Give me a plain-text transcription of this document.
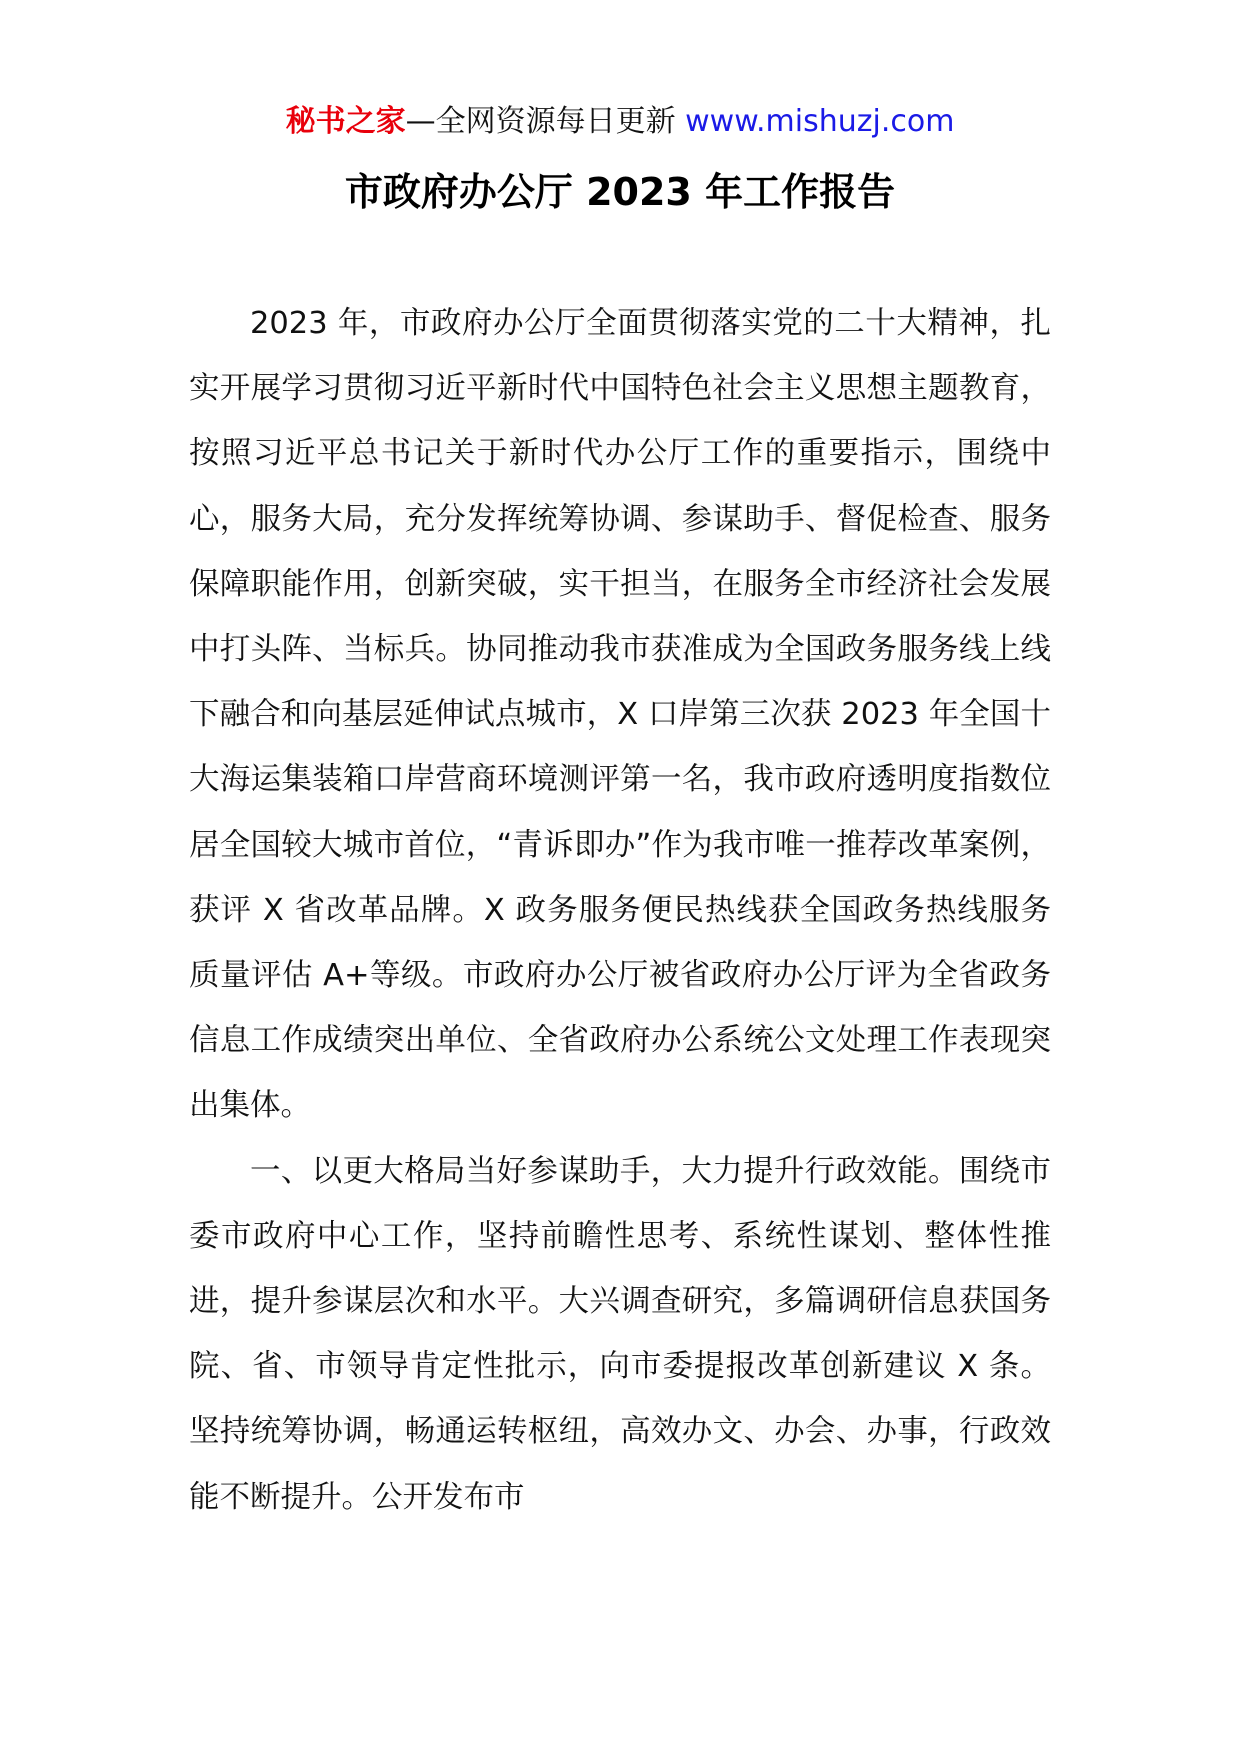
秘书之家—全网资源每日更新 www.mishuzj.com
市政府办公厅 2023 年工作报告

2023 年，市政府办公厅全面贯彻落实党的二十大精神，扎实开展学习贯彻习近平新时代中国特色社会主义思想主题教育，按照习近平总书记关于新时代办公厅工作的重要指示，围绕中心，服务大局，充分发挥统筹协调、参谋助手、督促检查、服务保障职能作用，创新突破，实干担当，在服务全市经济社会发展中打头阵、当标兵。协同推动我市获准成为全国政务服务线上线下融合和向基层延伸试点城市，X 口岸第三次获 2023 年全国十大海运集装箱口岸营商环境测评第一名，我市政府透明度指数位居全国较大城市首位，“青诉即办”作为我市唯一推荐改革案例，获评 X 省改革品牌。X 政务服务便民热线获全国政务热线服务质量评估 A+等级。市政府办公厅被省政府办公厅评为全省政务信息工作成绩突出单位、全省政府办公系统公文处理工作表现突出集体。

一、以更大格局当好参谋助手，大力提升行政效能。围绕市委市政府中心工作，坚持前瞻性思考、系统性谋划、整体性推进，提升参谋层次和水平。大兴调查研究，多篇调研信息获国务院、省、市领导肯定性批示，向市委提报改革创新建议 X 条。坚持统筹协调，畅通运转枢纽，高效办文、办会、办事，行政效能不断提升。公开发布市
